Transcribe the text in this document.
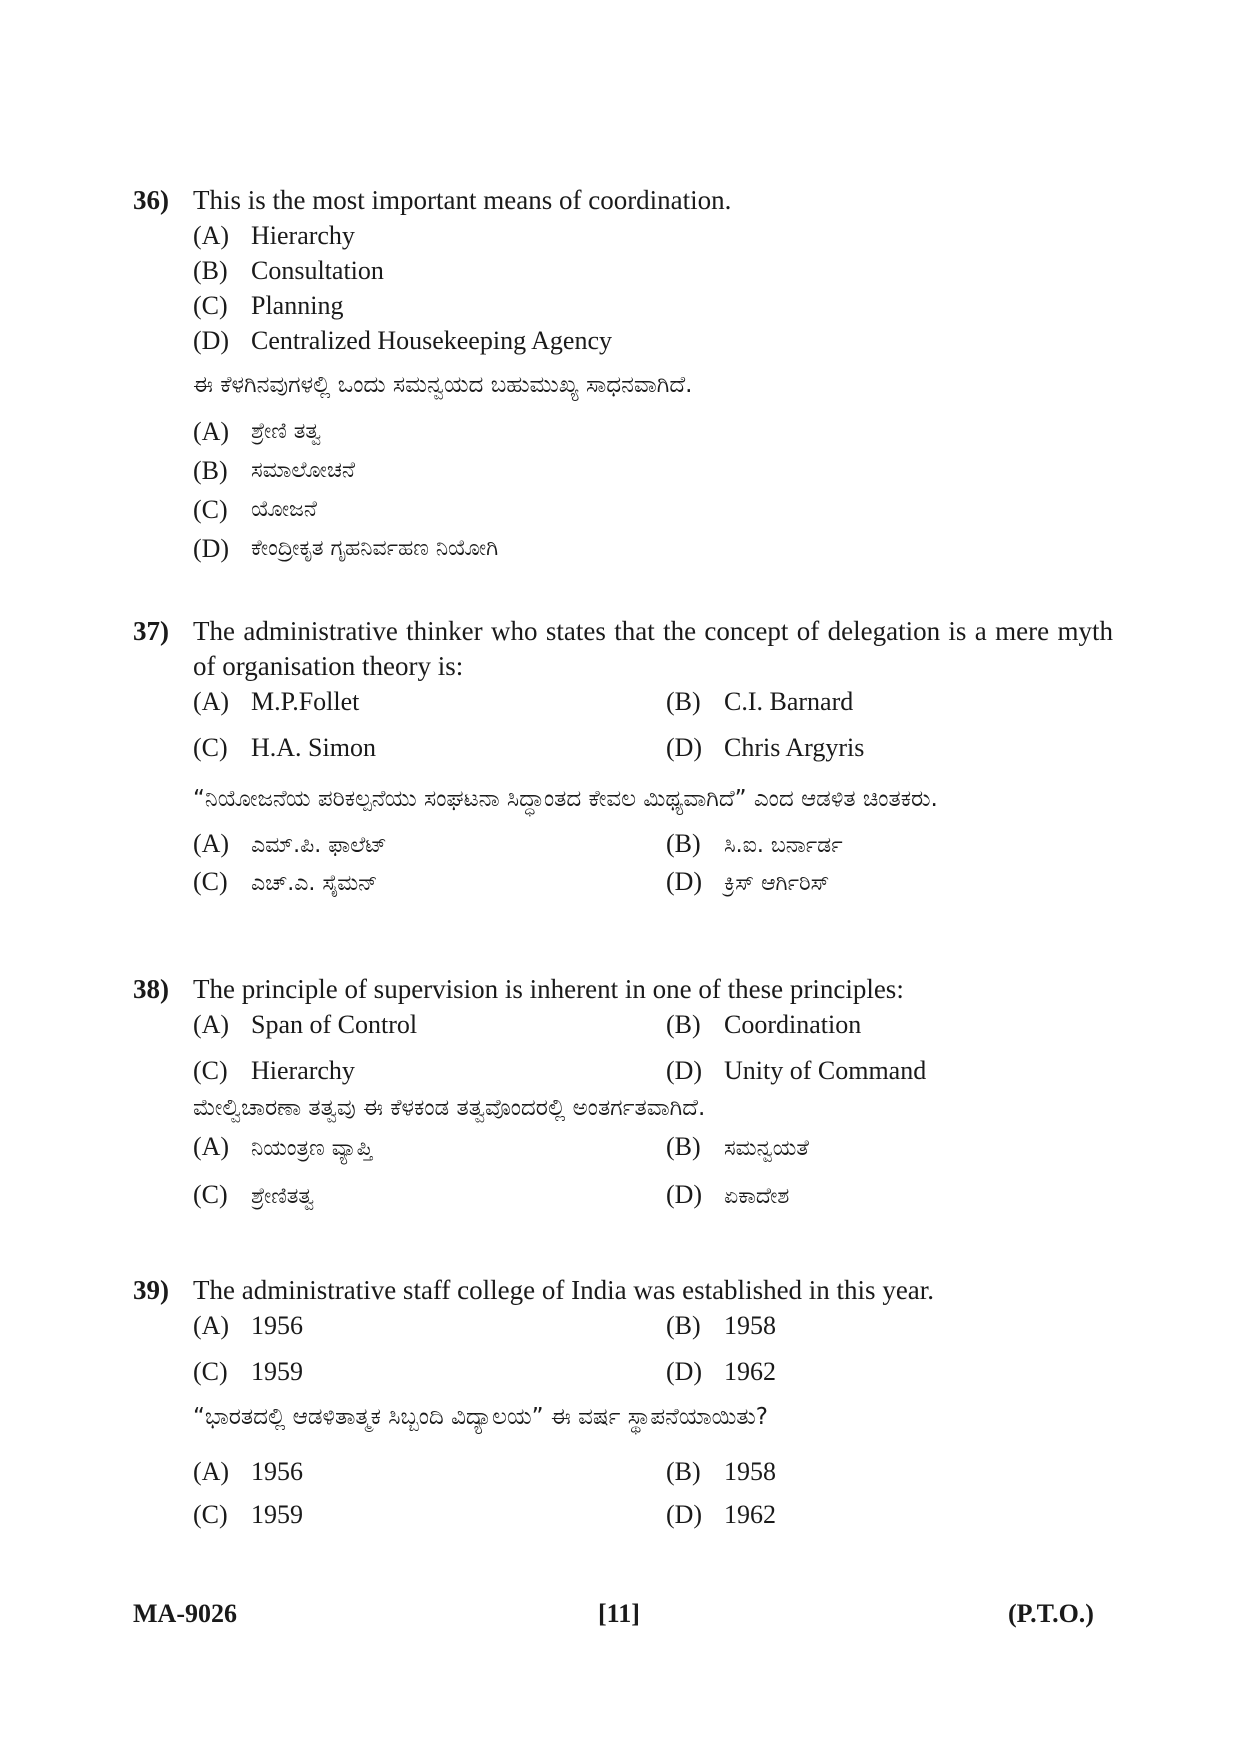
36) This is the most important means of coordination.
(A) Hierarchy
(B) Consultation
(C) Planning
(D) Centralized Housekeeping Agency
ಈ ಕೆಳಗಿನವುಗಳಲ್ಲಿ ಒಂದು ಸಮನ್ವಯದ ಬಹುಮುಖ್ಯ ಸಾಧನವಾಗಿದೆ.
(A) ಶ್ರೇಣಿ ತತ್ವ
(B) ಸಮಾಲೋಚನೆ
(C) ಯೋಜನೆ
(D) ಕೇಂದ್ರೀಕೃತ ಗೃಹನಿರ್ವಹಣ ನಿಯೋಗಿ
37) The administrative thinker who states that the concept of delegation is a mere myth of organisation theory is:
(A) M.P.Follet	(B) C.I. Barnard
(C) H.A. Simon	(D) Chris Argyris
“ನಿಯೋಜನೆಯ ಪರಿಕಲ್ಪನೆಯು ಸಂಘಟನಾ ಸಿದ್ಧಾಂತದ ಕೇವಲ ಮಿಥ್ಯವಾಗಿದೆ” ಎಂದ ಆಡಳಿತ ಚಿಂತಕರು.
(A) ಎಮ್.ಪಿ. ಫಾಲೆಟ್	(B) ಸಿ.ಐ. ಬರ್ನಾರ್ಡ
(C) ಎಚ್.ಎ. ಸೈಮನ್	(D) ಕ್ರಿಸ್ ಆರ್ಗಿರಿಸ್
38) The principle of supervision is inherent in one of these principles:
(A) Span of Control	(B) Coordination
(C) Hierarchy	(D) Unity of Command
ಮೇಲ್ವಿಚಾರಣಾ ತತ್ವವು ಈ ಕೆಳಕಂಡ ತತ್ವವೊಂದರಲ್ಲಿ ಅಂತರ್ಗತವಾಗಿದೆ.
(A) ನಿಯಂತ್ರಣ ವ್ಯಾಪ್ತಿ	(B) ಸಮನ್ವಯತೆ
(C) ಶ್ರೇಣಿತತ್ವ	(D) ಏಕಾದೇಶ
39) The administrative staff college of India was established in this year.
(A) 1956	(B) 1958
(C) 1959	(D) 1962
“ಭಾರತದಲ್ಲಿ ಆಡಳಿತಾತ್ಮಕ ಸಿಬ್ಬಂದಿ ವಿದ್ಯಾಲಯ” ಈ ವರ್ಷ ಸ್ಥಾಪನೆಯಾಯಿತು?
(A) 1956	(B) 1958
(C) 1959	(D) 1962
MA-9026	[11]	(P.T.O.)
